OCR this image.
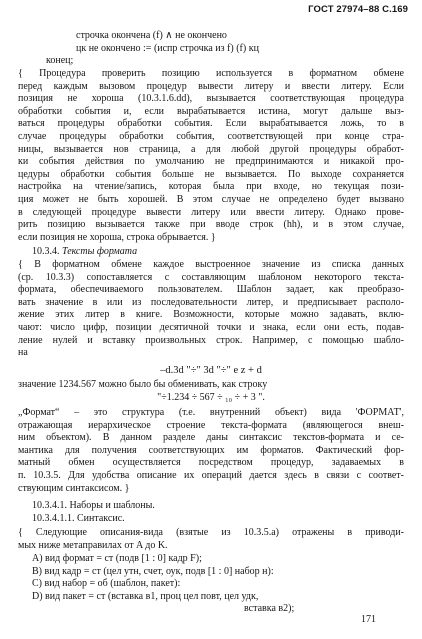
ГОСТ 27974–88 С.169
строчка окончена (f) ∧ не окончено
цк не окончено := (испр строчка из f) (f) кц
конец;
{ Процедура проверить позицию используется в форматном обмене
перед каждым вызовом процедур вывести литеру и ввести литеру. Если
позиция не хороша (10.3.1.6.dd), вызывается соответствующая процедура
обработки события и, если вырабатывается истина, могут дальше выз-
ваться процедуры обработки события. Если вырабатывается ложь, то в
случае процедуры обработки события, соответствующей при конце стра-
ницы, вызывается нов страница, а для любой другой процедуры обработ-
ки события действия по умолчанию не предпринимаются и никакой про-
цедуры обработки события больше не вызывается. По выходе сохраняется
настройка на чтение/запись, которая была при входе, но текущая пози-
ция может не быть хорошей. В этом случае не определено будет вызвано
в следующей процедуре вывести литеру или ввести литеру. Однако прове-
рить позицию вызывается также при вводе строк (hh), и в этом случае,
если позиция не хороша, строка обрывается. }
10.3.4. Тексты формата
{ В форматном обмене каждое выстроенное значение из списка данных
(ср. 10.3.3) сопоставляется с составляющим шаблоном некоторого текста-
формата, обеспечиваемого пользователем. Шаблон задает, как преобразо-
вать значение в или из последовательности литер, и предписывает располо-
жение этих литер в книге. Возможности, которые можно задавать, вклю-
чают: число цифр, позиции десятичной точки и знака, если они есть, подав-
ление нулей и вставку произвольных строк. Например, с помощью шабло-
на
–d.3d "÷" 3d "÷" e z + d
значение 1234.567 можно было бы обменивать, как строку
"÷1.234 ÷ 567 ÷ ₁₀ ÷ + 3 ".
„Формат“ – это структура (т.е. внутренний объект) вида 'ФОРМАТ',
отражающая иерархическое строение текста-формата (являющегося внеш-
ним объектом). В данном разделе даны синтаксис текстов-формата и се-
мантика для получения соответствующих им форматов. Фактический фор-
матный обмен осуществляется посредством процедур, задаваемых в
п. 10.3.5. Для удобства описание их операций дается здесь в связи с соответ-
ствующим синтаксисом. }
10.3.4.1. Наборы и шаблоны.
10.3.4.1.1. Синтаксис.
{ Следующие описания-вида (взятые из 10.3.5.а) отражены в приводи-
мых ниже метаправилах от A до K.
A) вид формат = ст (подв [1 : 0] кадр F);
B) вид кадр = ст (цел утн, счет, оук, подв [1 : 0] набор н):
C) вид набор = об (шаблон, пакет):
D) вид пакет = ст (вставка в1, проц цел повт, цел удк,
вставка в2);
171
